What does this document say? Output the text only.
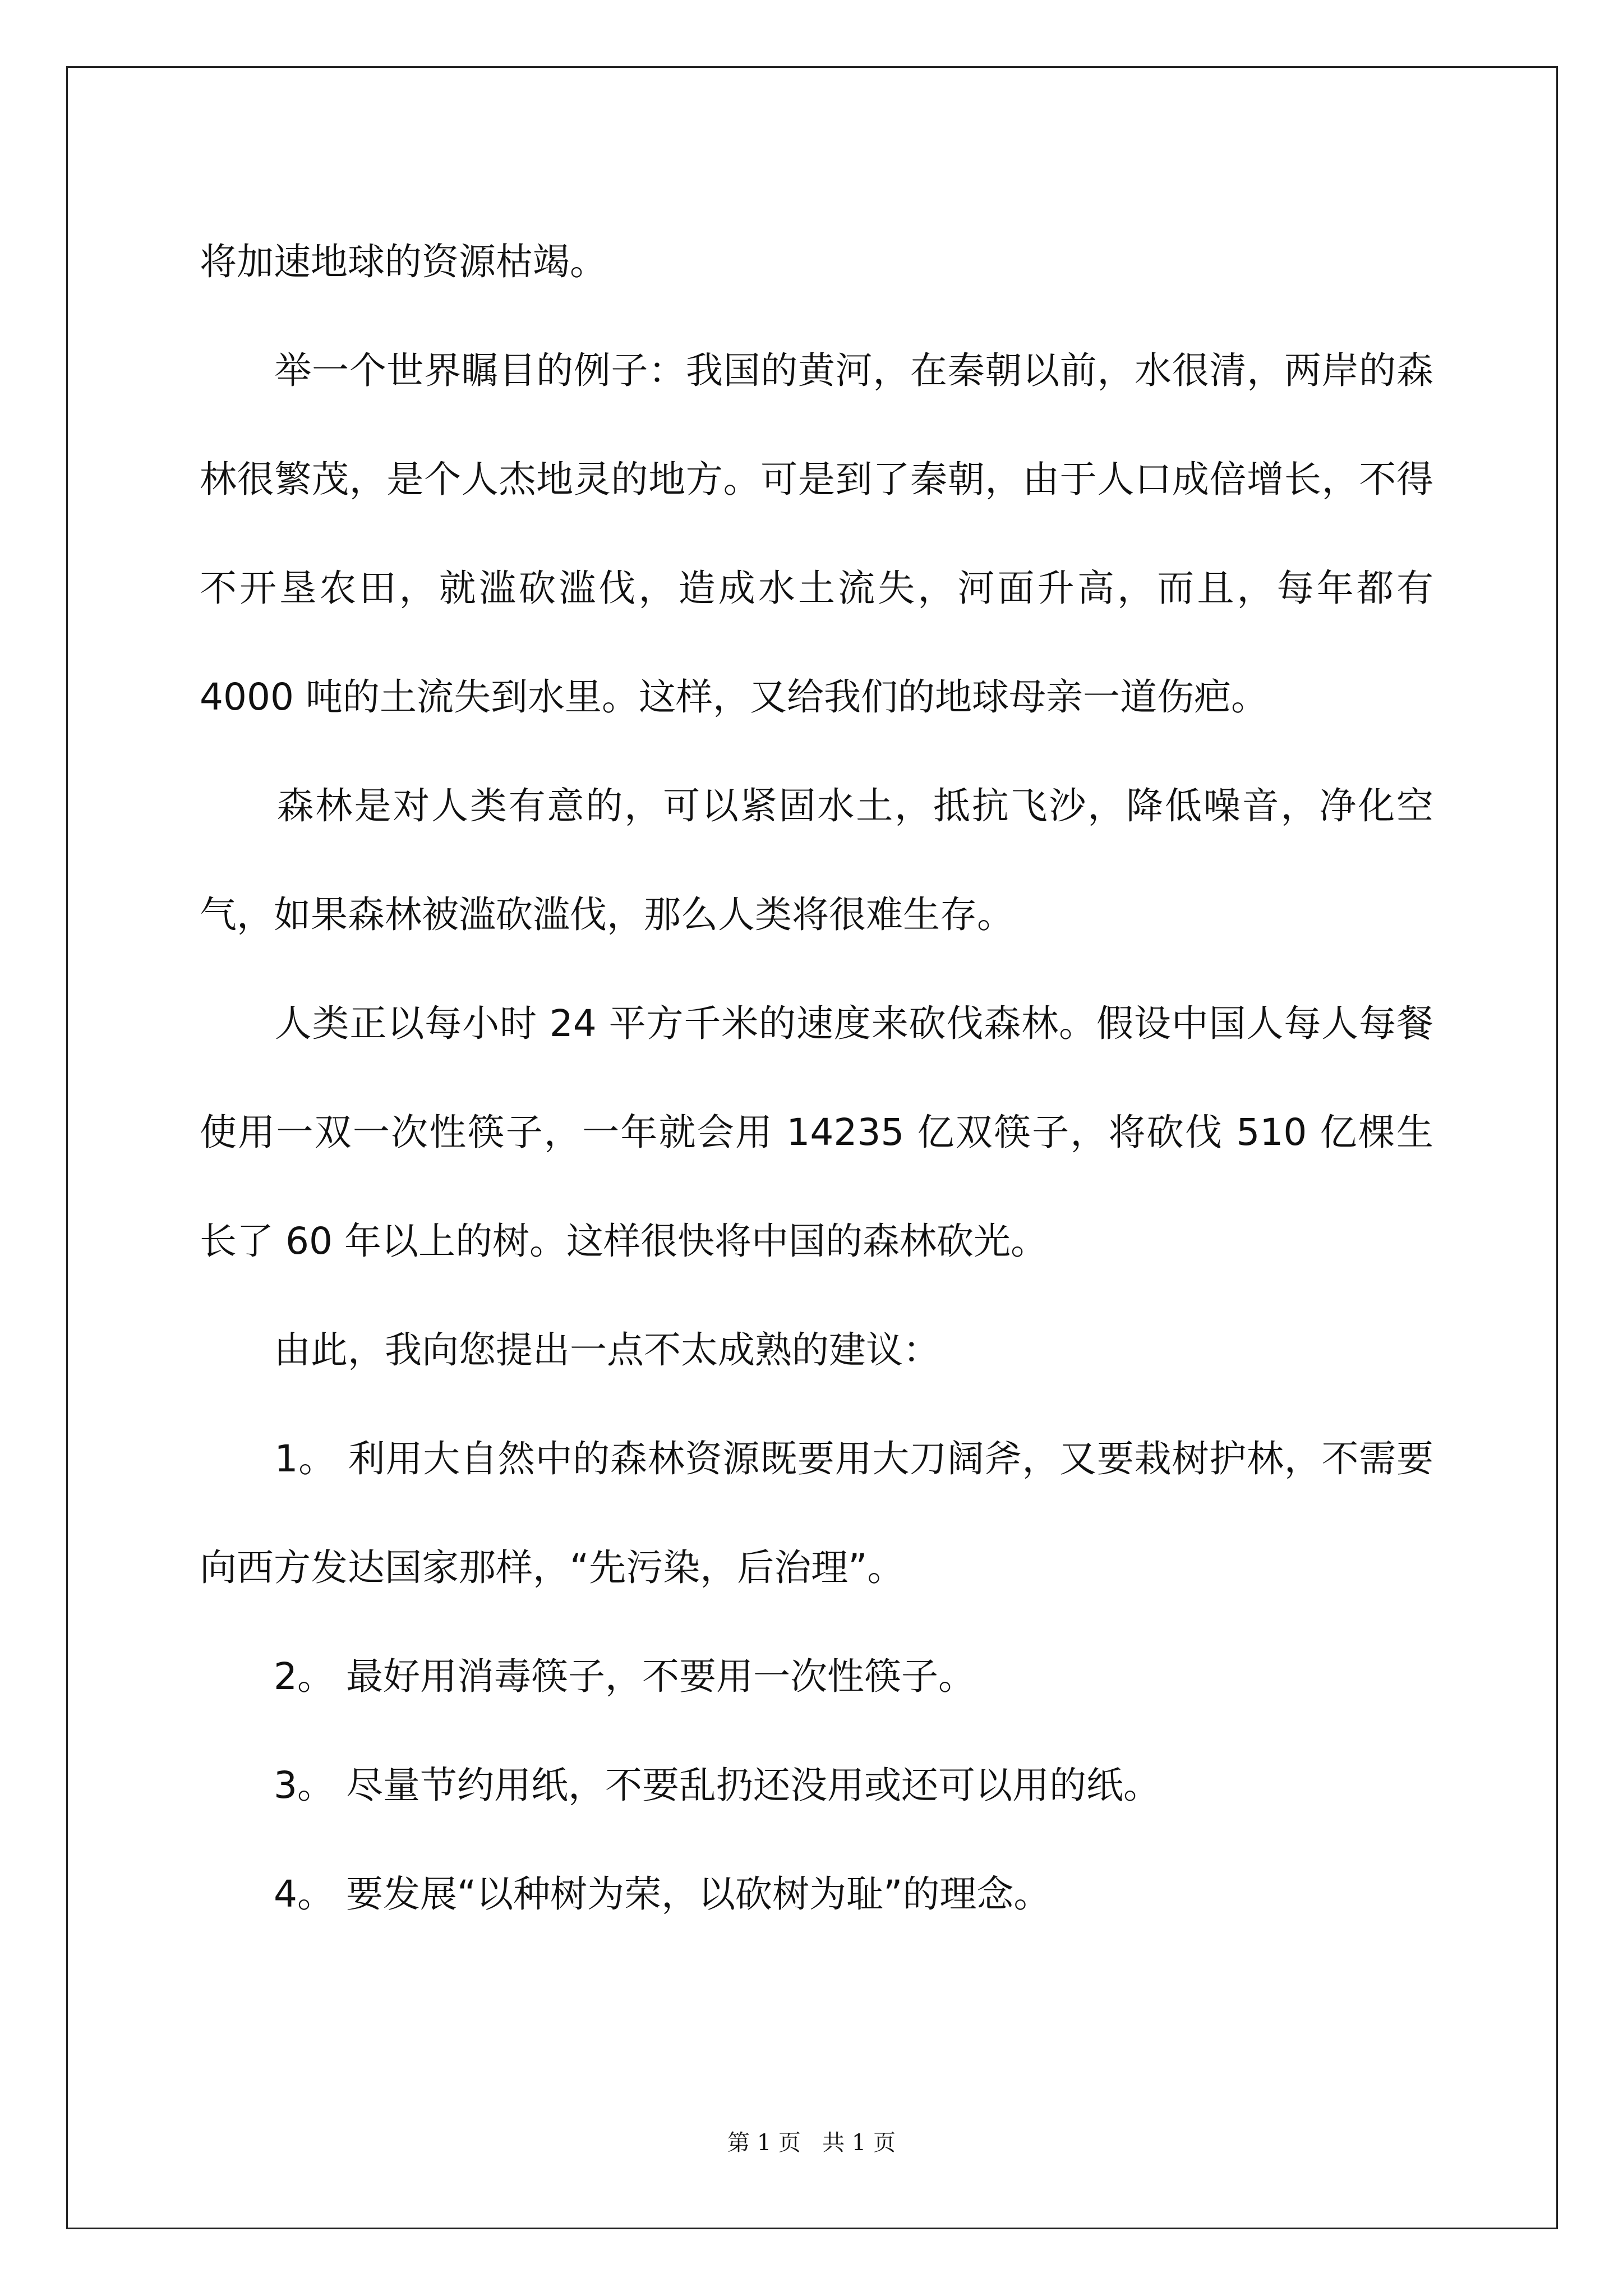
将加速地球的资源枯竭。

　　举一个世界瞩目的例子：我国的黄河，在秦朝以前，水很清，两岸的森林很繁茂，是个人杰地灵的地方。可是到了秦朝，由于人口成倍增长，不得不开垦农田，就滥砍滥伐，造成水土流失，河面升高，而且，每年都有 4000 吨的土流失到水里。这样，又给我们的地球母亲一道伤疤。

　　森林是对人类有意的，可以紧固水土，抵抗飞沙，降低噪音，净化空气，如果森林被滥砍滥伐，那么人类将很难生存。

　　人类正以每小时 24 平方千米的速度来砍伐森林。假设中国人每人每餐使用一双一次性筷子，一年就会用 14235 亿双筷子，将砍伐 510 亿棵生长了 60 年以上的树。这样很快将中国的森林砍光。

　　由此，我向您提出一点不太成熟的建议：

　　1。 利用大自然中的森林资源既要用大刀阔斧，又要栽树护林，不需要向西方发达国家那样，“先污染，后治理”。

　　2。 最好用消毒筷子，不要用一次性筷子。

　　3。 尽量节约用纸，不要乱扔还没用或还可以用的纸。

　　4。 要发展“以种树为荣，以砍树为耻”的理念。

第 1 页   共 1 页
